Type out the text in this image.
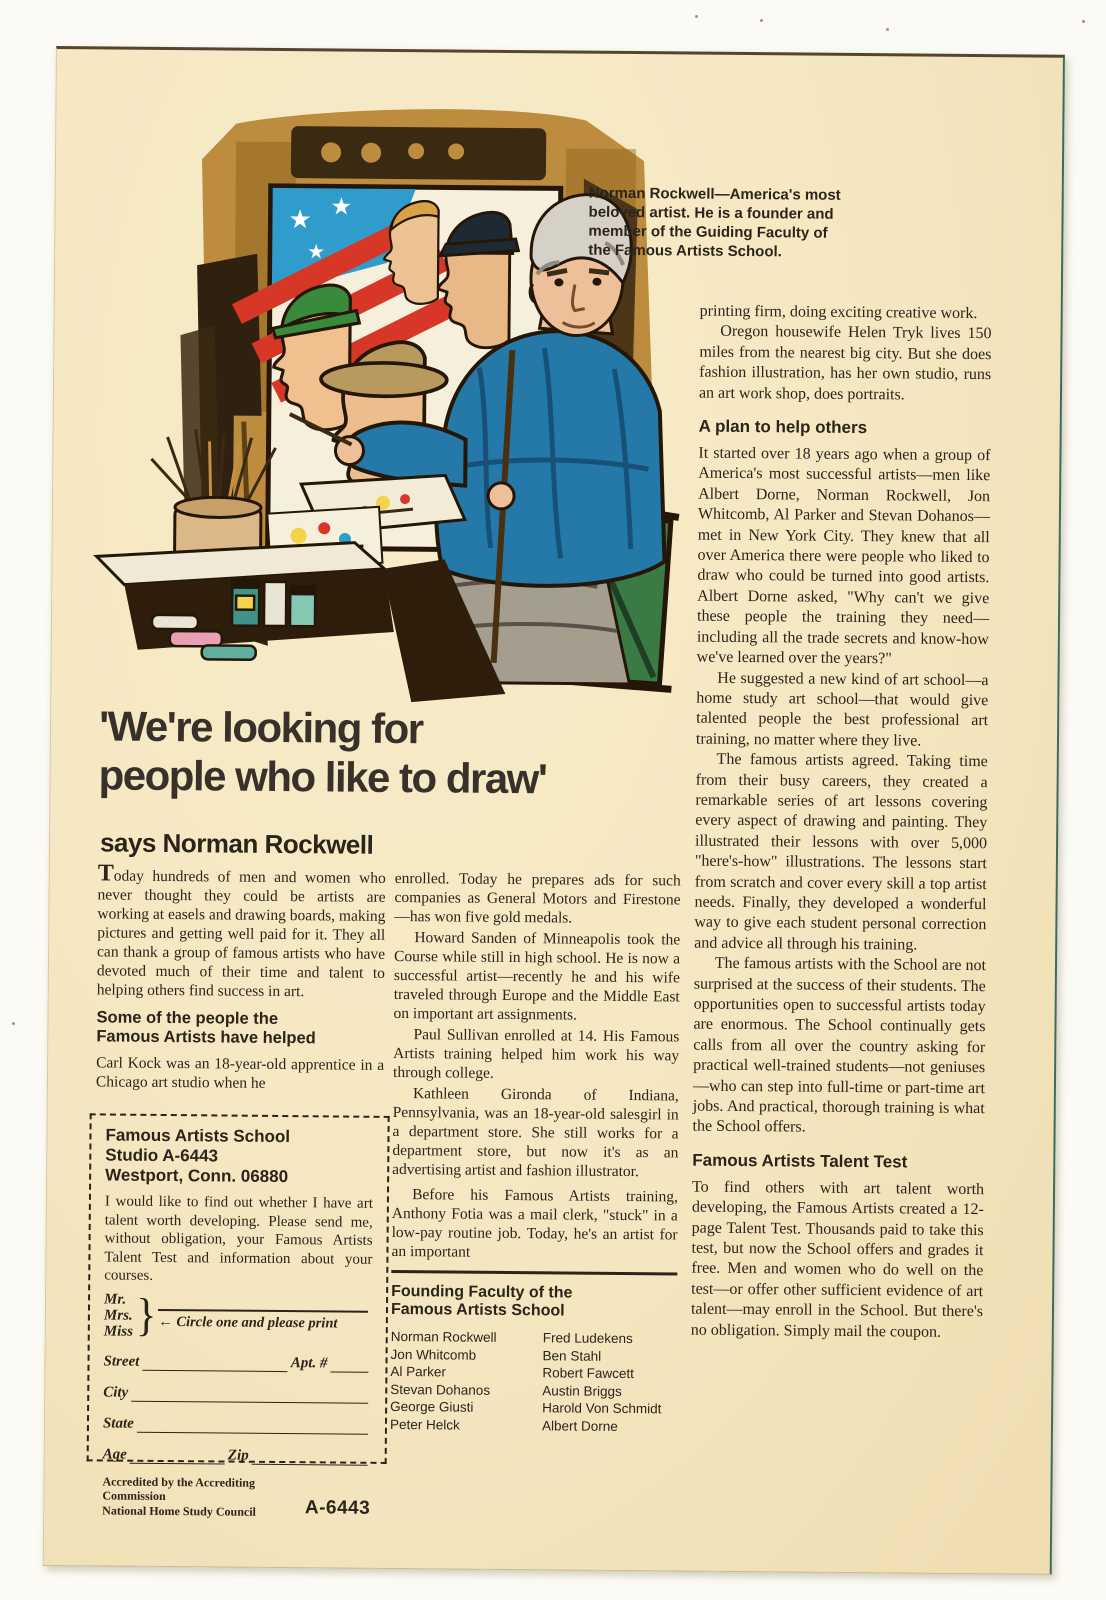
★ ★
★
Norman Rockwell—America's most beloved artist. He is a founder and member of the Guiding Faculty of the Famous Artists School.
'We're looking for
people who like to draw'
says Norman Rockwell

Today hundreds of men and women who never thought they could be artists are working at easels and drawing boards, making pictures and getting well paid for it. They all can thank a group of famous artists who have devoted much of their time and talent to helping others find success in art.

Some of the people the
Famous Artists have helped

Carl Kock was an 18-year-old apprentice in a Chicago art studio when he

Famous Artists School
Studio A-6443
Westport, Conn. 06880
I would like to find out whether I have art talent worth developing. Please send me, without obligation, your Famous Artists Talent Test and information about your courses.
Mr.
Mrs.
Miss } ← Circle one and please print
Street	Apt. #
City
State
Age	Zip
Accredited by the Accrediting Commission
National Home Study Council	A-6443

enrolled. Today he prepares ads for such companies as General Motors and Firestone—has won five gold medals.

Howard Sanden of Minneapolis took the Course while still in high school. He is now a successful artist—recently he and his wife traveled through Europe and the Middle East on important art assignments.

Paul Sullivan enrolled at 14. His Famous Artists training helped him work his way through college.

Kathleen Gironda of Indiana, Pennsylvania, was an 18-year-old salesgirl in a department store. She still works for a department store, but now it's as an advertising artist and fashion illustrator.

Before his Famous Artists training, Anthony Fotia was a mail clerk, "stuck" in a low-pay routine job. Today, he's an artist for an important

Founding Faculty of the
Famous Artists School
Norman Rockwell
Jon Whitcomb
Al Parker
Stevan Dohanos
George Giusti
Peter Helck
Fred Ludekens
Ben Stahl
Robert Fawcett
Austin Briggs
Harold Von Schmidt
Albert Dorne

printing firm, doing exciting creative work.

Oregon housewife Helen Tryk lives 150 miles from the nearest big city. But she does fashion illustration, has her own studio, runs an art work shop, does portraits.

A plan to help others

It started over 18 years ago when a group of America's most successful artists—men like Albert Dorne, Norman Rockwell, Jon Whitcomb, Al Parker and Stevan Dohanos—met in New York City. They knew that all over America there were people who liked to draw who could be turned into good artists. Albert Dorne asked, "Why can't we give these people the training they need—including all the trade secrets and know-how we've learned over the years?"

He suggested a new kind of art school—a home study art school—that would give talented people the best professional art training, no matter where they live.

The famous artists agreed. Taking time from their busy careers, they created a remarkable series of art lessons covering every aspect of drawing and painting. They illustrated their lessons with over 5,000 "here's-how" illustrations. The lessons start from scratch and cover every skill a top artist needs. Finally, they developed a wonderful way to give each student personal correction and advice all through his training.

The famous artists with the School are not surprised at the success of their students. The opportunities open to successful artists today are enormous. The School continually gets calls from all over the country asking for practical well-trained students—not geniuses—who can step into full-time or part-time art jobs. And practical, thorough training is what the School offers.

Famous Artists Talent Test

To find others with art talent worth developing, the Famous Artists created a 12-page Talent Test. Thousands paid to take this test, but now the School offers and grades it free. Men and women who do well on the test—or offer other sufficient evidence of art talent—may enroll in the School. But there's no obligation. Simply mail the coupon.
